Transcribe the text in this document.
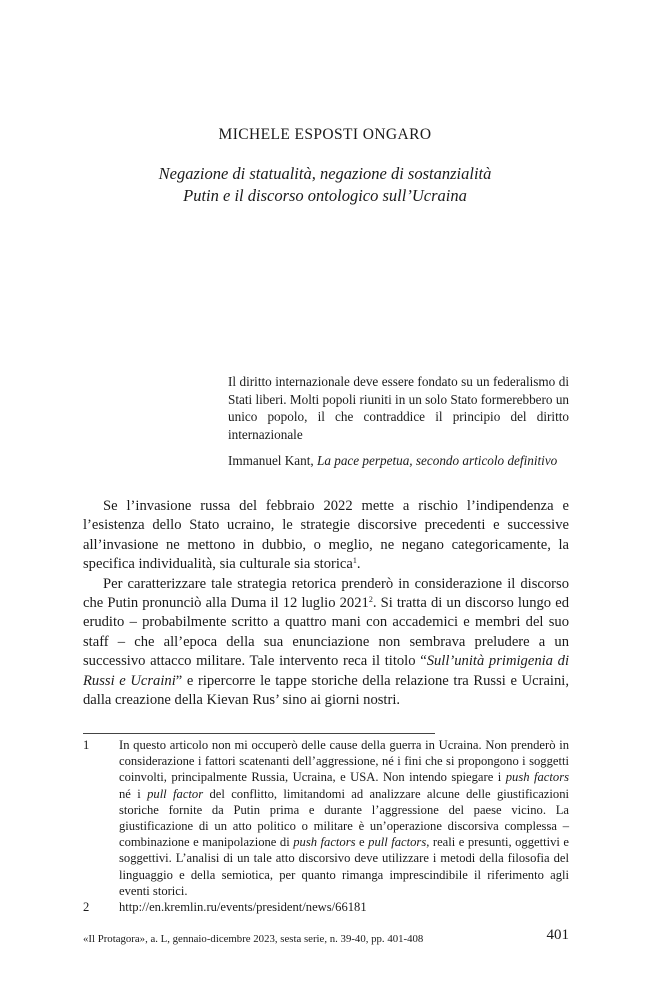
MICHELE ESPOSTI ONGARO
Negazione di statualità, negazione di sostanzialità
Putin e il discorso ontologico sull’Ucraina
Il diritto internazionale deve essere fondato su un federalismo di Stati liberi. Molti popoli riuniti in un solo Stato formerebbero un unico popolo, il che contraddice il principio del diritto internazionale
Immanuel Kant, La pace perpetua, secondo articolo definitivo

Se l’invasione russa del febbraio 2022 mette a rischio l’indipendenza e l’esistenza dello Stato ucraino, le strategie discorsive precedenti e successive all’invasione ne mettono in dubbio, o meglio, ne negano categoricamente, la specifica individualità, sia culturale sia storica$^1$.

Per caratterizzare tale strategia retorica prenderò in considerazione il discorso che Putin pronunciò alla Duma il 12 luglio 2021$^2$. Si tratta di un discorso lungo ed erudito – probabilmente scritto a quattro mani con accademici e membri del suo staff – che all’epoca della sua enunciazione non sembrava preludere a un successivo attacco militare. Tale intervento reca il titolo “Sull’unità primigenia di Russi e Ucraini” e ripercorre le tappe storiche della relazione tra Russi e Ucraini, dalla creazione della Kievan Rus’ sino ai giorni nostri.

1 In questo articolo non mi occuperò delle cause della guerra in Ucraina. Non prenderò in considerazione i fattori scatenanti dell’aggressione, né i fini che si propongono i soggetti coinvolti, principalmente Russia, Ucraina, e USA. Non intendo spiegare i push factors né i pull factor del conflitto, limitandomi ad analizzare alcune delle giustificazioni storiche fornite da Putin prima e durante l’aggressione del paese vicino. La giustificazione di un atto politico o militare è un’operazione discorsiva complessa – combinazione e manipolazione di push factors e pull factors, reali e presunti, oggettivi e soggettivi. L’analisi di un tale atto discorsivo deve utilizzare i metodi della filosofia del linguaggio e della semiotica, per quanto rimanga imprescindibile il riferimento agli eventi storici.
2 http://en.kremlin.ru/events/president/news/66181
«Il Protagora», a. L, gennaio-dicembre 2023, sesta serie, n. 39-40, pp. 401-408	401
